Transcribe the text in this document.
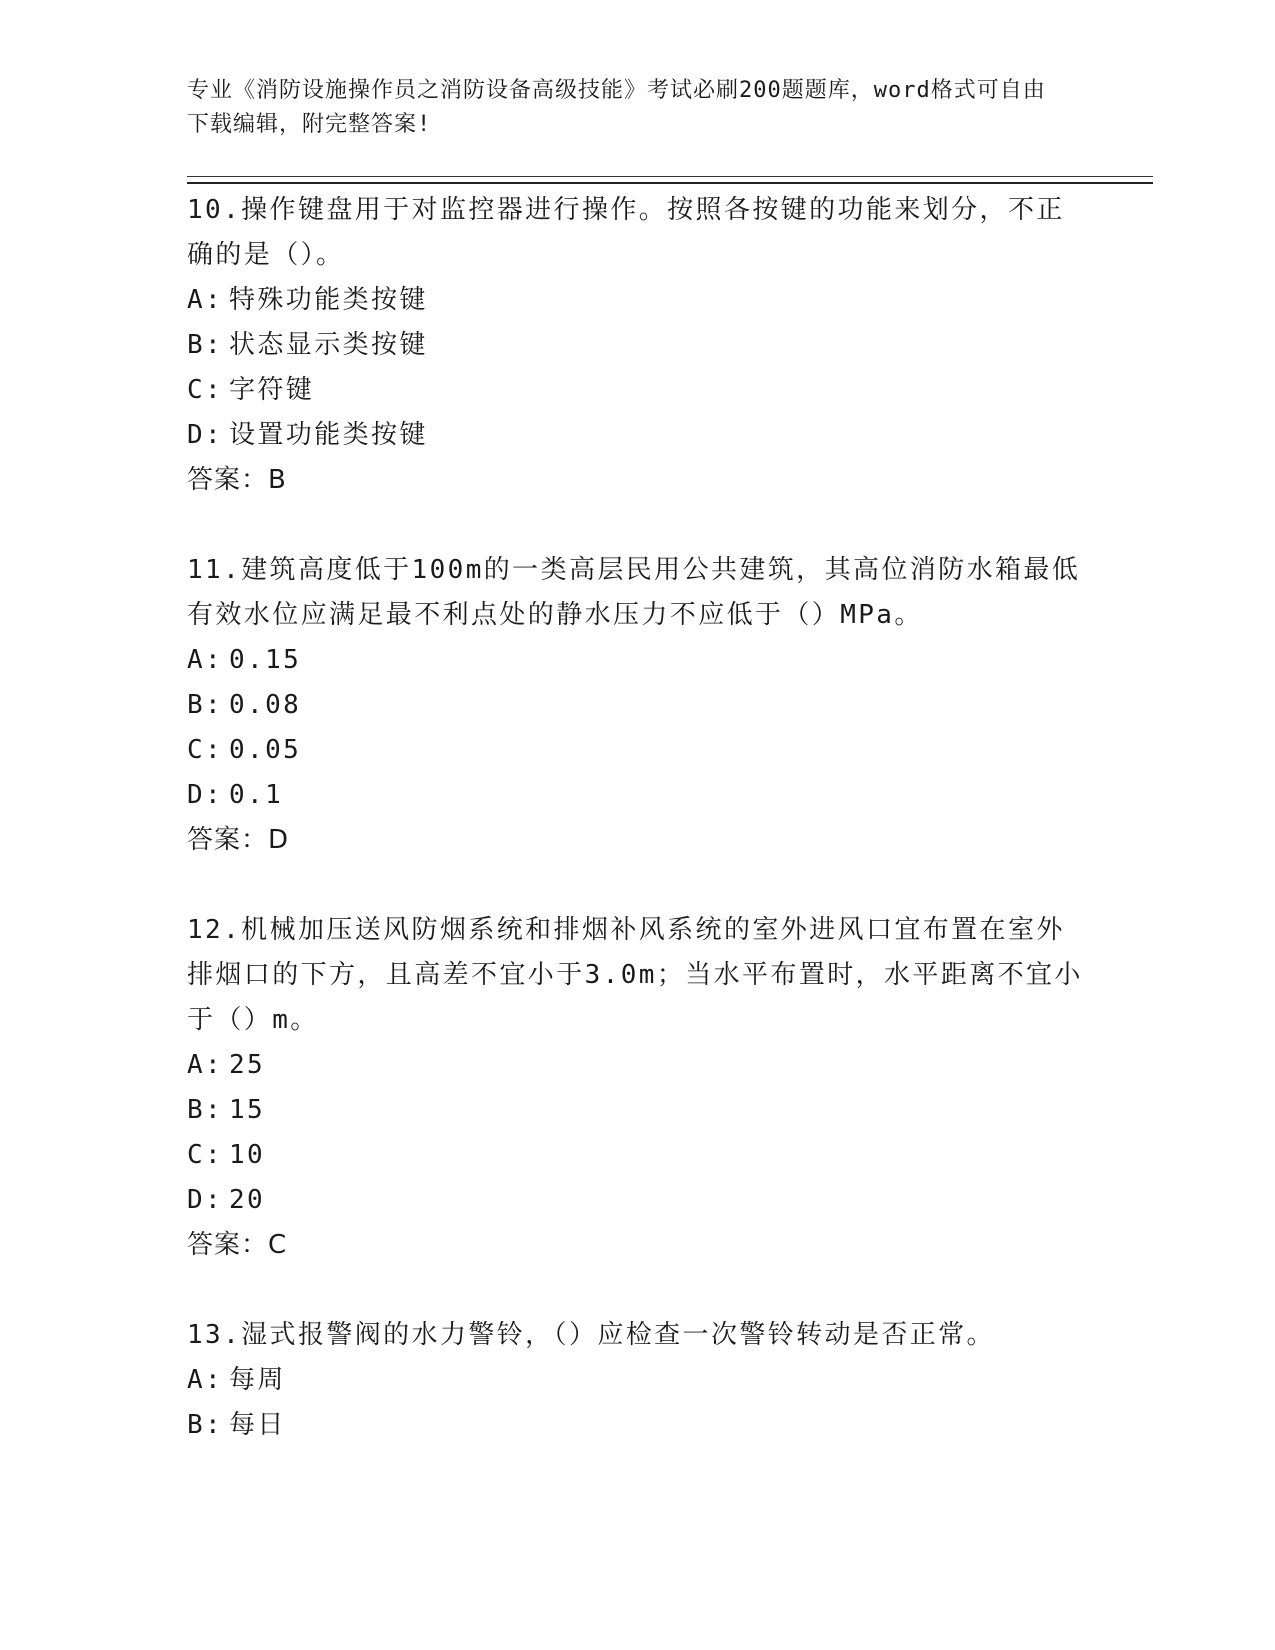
专业《消防设施操作员之消防设备高级技能》考试必刷200题题库，word格式可自由下载编辑，附完整答案!

10.操作键盘用于对监控器进行操作。按照各按键的功能来划分，不正确的是（）。

A: 特殊功能类按键

B: 状态显示类按键

C: 字符键

D: 设置功能类按键

答案：B

11.建筑高度低于100m的一类高层民用公共建筑，其高位消防水箱最低有效水位应满足最不利点处的静水压力不应低于（）MPa。

A: 0.15

B: 0.08

C: 0.05

D: 0.1

答案：D

12.机械加压送风防烟系统和排烟补风系统的室外进风口宜布置在室外排烟口的下方，且高差不宜小于3.0m；当水平布置时，水平距离不宜小于（）m。

A: 25

B: 15

C: 10

D: 20

答案：C

13.湿式报警阀的水力警铃，（）应检查一次警铃转动是否正常。

A: 每周

B: 每日
